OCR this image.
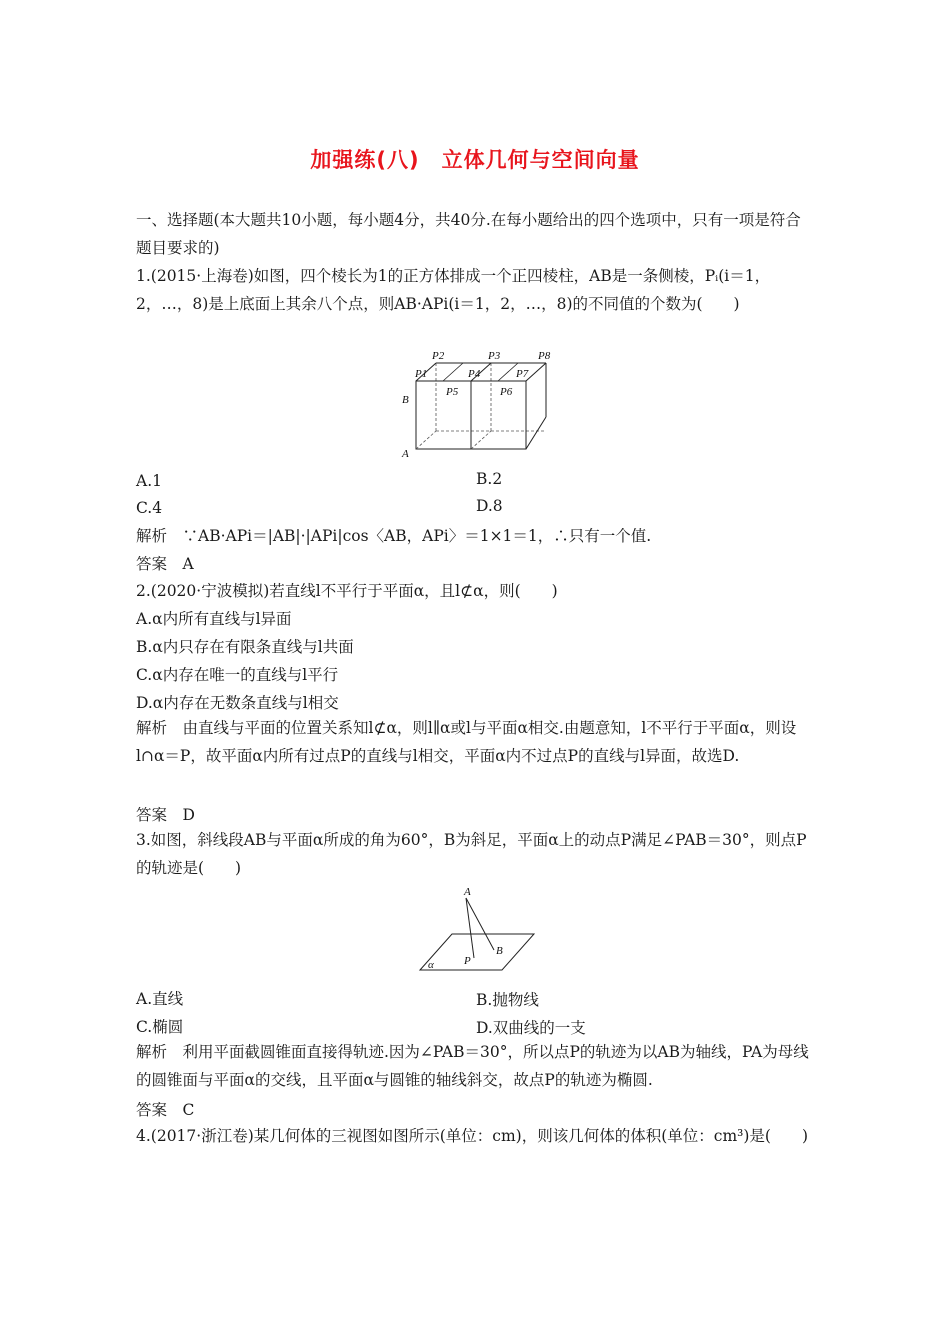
加强练(八)　立体几何与空间向量
一、选择题(本大题共10小题，每小题4分，共40分.在每小题给出的四个选项中，只有一项是符合题目要求的)
1.(2015·上海卷)如图，四个棱长为1的正方体排成一个正四棱柱，AB是一条侧棱，Pᵢ(i＝1，2，…，8)是上底面上其余八个点，则AB·APi(i＝1，2，…，8)的不同值的个数为(　　)
P2	P3	P8
P1	P4	P7
P5	P6
B
A
A.1	B.2
C.4	D.8
解析　∵AB·APi＝|AB|·|APi|cos〈AB，APi〉＝1×1＝1，∴只有一个值.
答案　A
2.(2020·宁波模拟)若直线l不平行于平面α，且l⊄α，则(　　)
A.α内所有直线与l异面
B.α内只存在有限条直线与l共面
C.α内存在唯一的直线与l平行
D.α内存在无数条直线与l相交
解析　由直线与平面的位置关系知l⊄α，则l∥α或l与平面α相交.由题意知，l不平行于平面α，则设l∩α＝P，故平面α内所有过点P的直线与l相交，平面α内不过点P的直线与l异面，故选D.
答案　D
3.如图，斜线段AB与平面α所成的角为60°，B为斜足，平面α上的动点P满足∠PAB＝30°，则点P的轨迹是(　　)
A
B
P
α
A.直线	B.抛物线
C.椭圆	D.双曲线的一支
解析　利用平面截圆锥面直接得轨迹.因为∠PAB＝30°，所以点P的轨迹为以AB为轴线，PA为母线的圆锥面与平面α的交线，且平面α与圆锥的轴线斜交，故点P的轨迹为椭圆.
答案　C
4.(2017·浙江卷)某几何体的三视图如图所示(单位：cm)，则该几何体的体积(单位：cm³)是(　　)
